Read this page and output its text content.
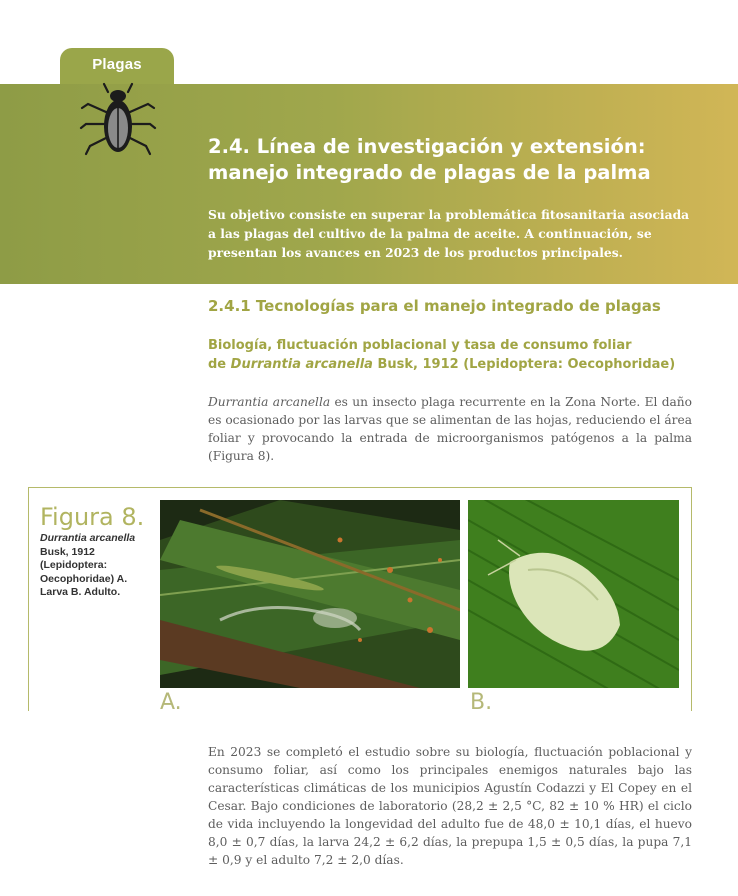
Plagas
2.4. Línea de investigación y extensión:
manejo integrado de plagas de la palma
Su objetivo consiste en superar la problemática fitosanitaria asociada a las plagas del cultivo de la palma de aceite. A continuación, se presentan los avances en 2023 de los productos principales.
2.4.1 Tecnologías para el manejo integrado de plagas
Biología, fluctuación poblacional y tasa de consumo foliar
de Durrantia arcanella Busk, 1912 (Lepidoptera: Oecophoridae)
Durrantia arcanella es un insecto plaga recurrente en la Zona Norte. El daño es ocasionado por las larvas que se alimentan de las hojas, reduciendo el área foliar y provocando la entrada de microorganismos patógenos a la palma (Figura 8).
Figura 8.
Durrantia arcanella Busk, 1912 (Lepidoptera: Oecophoridae) A. Larva B. Adulto.
A.	B.
En 2023 se completó el estudio sobre su biología, fluctuación poblacional y consumo foliar, así como los principales enemigos naturales bajo las características climáticas de los municipios Agustín Codazzi y El Copey en el Cesar. Bajo condiciones de laboratorio (28,2 ± 2,5 °C, 82 ± 10 % HR) el ciclo de vida incluyendo la longevidad del adulto fue de 48,0 ± 10,1 días, el huevo 8,0 ± 0,7 días, la larva 24,2 ± 6,2 días, la prepupa 1,5 ± 0,5 días, la pupa 7,1 ± 0,9 y el adulto 7,2 ± 2,0 días.
